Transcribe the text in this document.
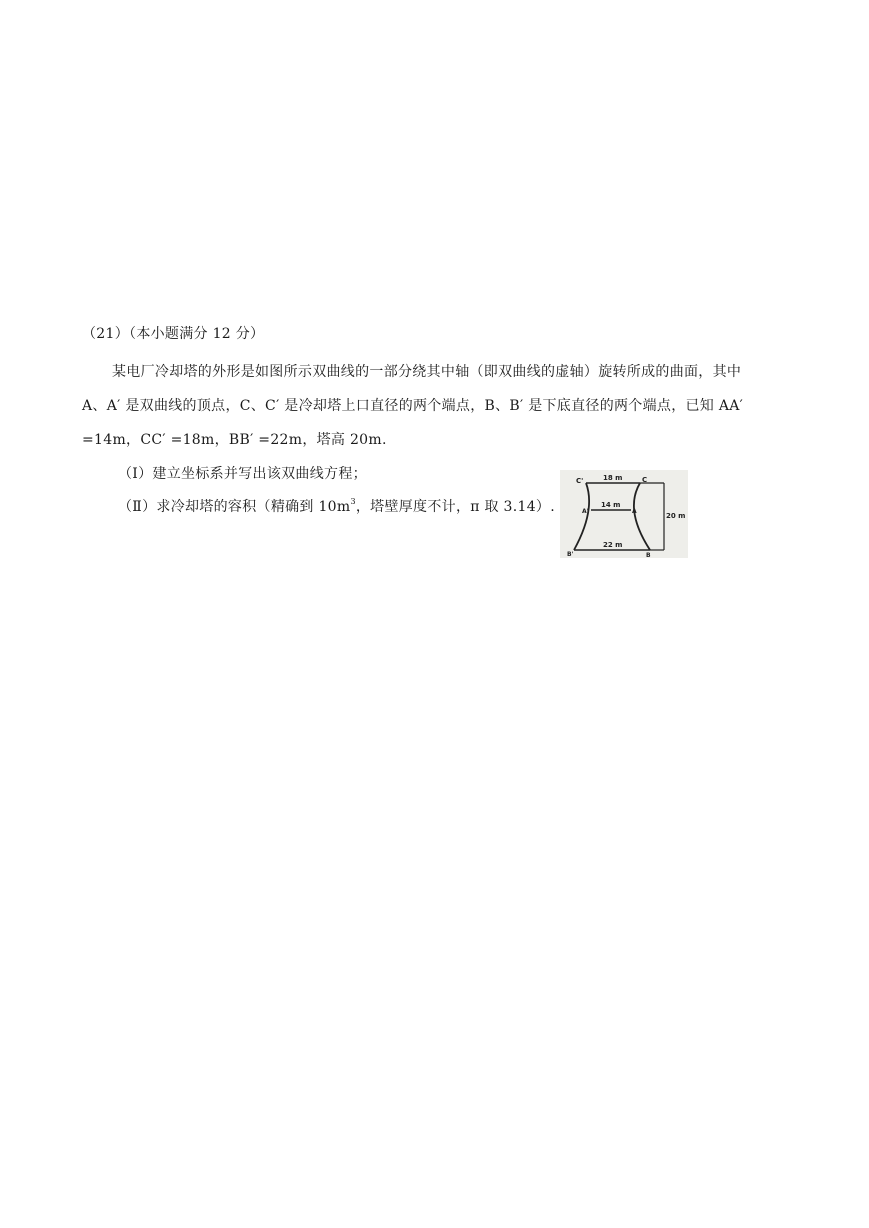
（21）（本小题满分 12 分）
某电厂冷却塔的外形是如图所示双曲线的一部分绕其中轴（即双曲线的虚轴）旋转所成的曲面，其中
A、A′ 是双曲线的顶点，C、C′ 是冷却塔上口直径的两个端点，B、B′ 是下底直径的两个端点，已知 AA′
=14m，CC′ =18m，BB′ =22m，塔高 20m.
（Ⅰ）建立坐标系并写出该双曲线方程；
（Ⅱ）求冷却塔的容积（精确到 $10m^3$，塔壁厚度不计，π 取 3.14）.
C'	C
18 m
A'	A
14 m
20 m
22 m
B'	B
